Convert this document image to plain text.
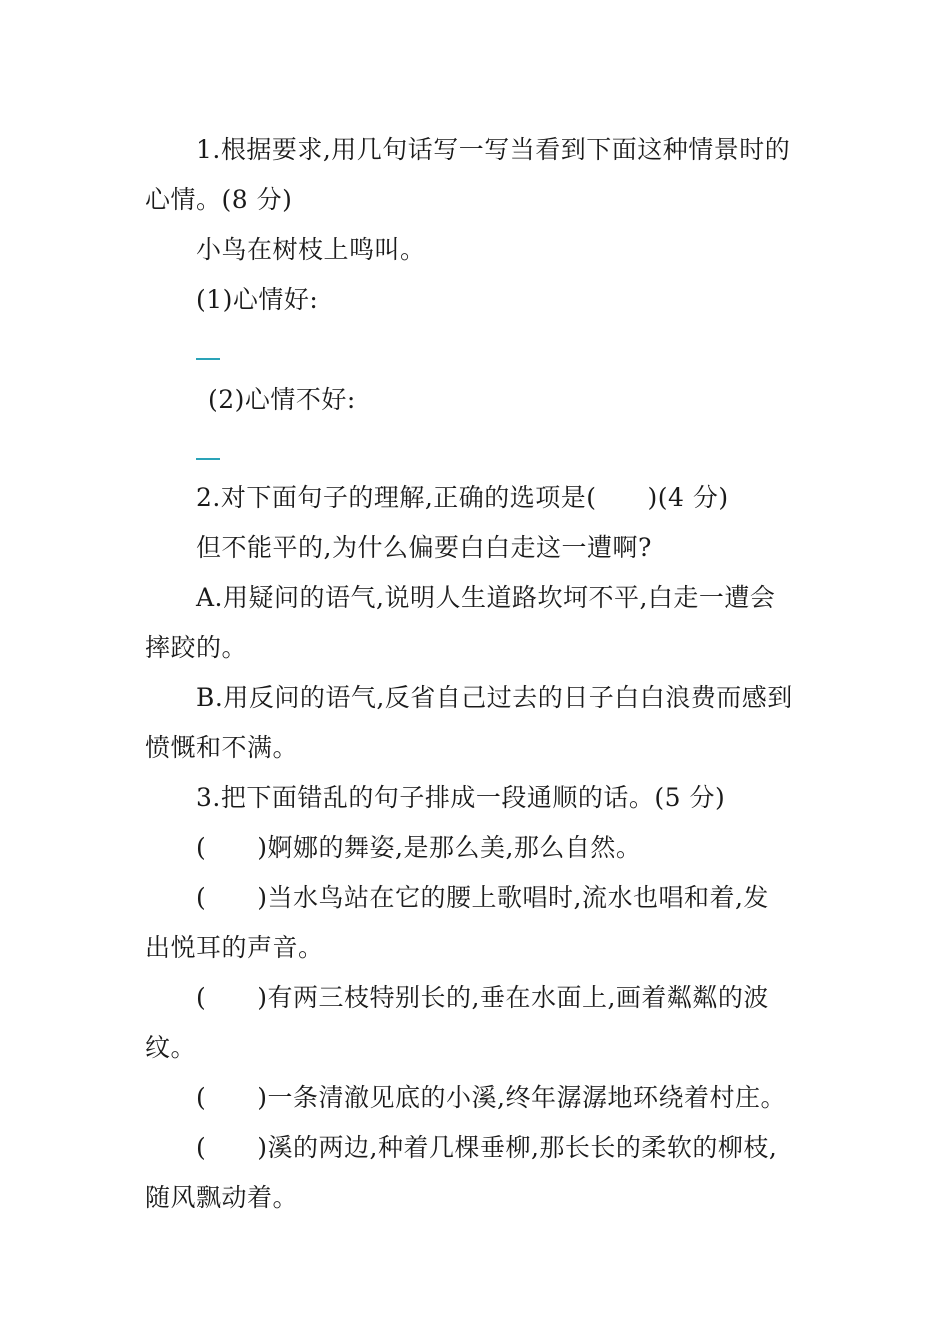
1.根据要求,用几句话写一写当看到下面这种情景时的
心情。(8 分)
小鸟在树枝上鸣叫。
(1)心情好:
(2)心情不好:
2.对下面句子的理解,正确的选项是(　　)(4 分)
但不能平的,为什么偏要白白走这一遭啊?
A.用疑问的语气,说明人生道路坎坷不平,白走一遭会
摔跤的。
B.用反问的语气,反省自己过去的日子白白浪费而感到
愤慨和不满。
3.把下面错乱的句子排成一段通顺的话。(5 分)
(　　)婀娜的舞姿,是那么美,那么自然。
(　　)当水鸟站在它的腰上歌唱时,流水也唱和着,发
出悦耳的声音。
(　　)有两三枝特别长的,垂在水面上,画着粼粼的波
纹。
(　　)一条清澈见底的小溪,终年潺潺地环绕着村庄。
(　　)溪的两边,种着几棵垂柳,那长长的柔软的柳枝,
随风飘动着。
